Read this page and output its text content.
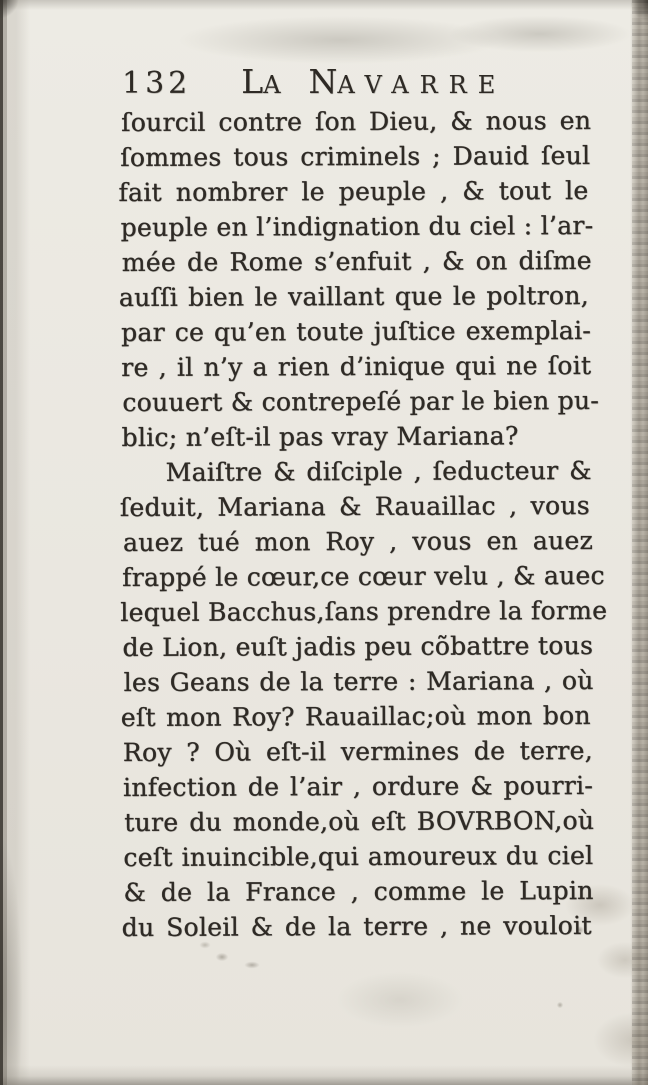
132 LA NAVARRE
ſourcil contre ſon Dieu, & nous en
ſommes tous criminels ; Dauid ſeul
fait nombrer le peuple , & tout le
peuple en l’indignation du ciel : l’ar-
mée de Rome s’enfuit , & on diſme
auſſi bien le vaillant que le poltron,
par ce qu’en toute juſtice exemplai-
re , il n’y a rien d’inique qui ne ſoit
couuert & contrepeſé par le bien pu-
blic; n’eſt-il pas vray Mariana?
Maiſtre & diſciple , ſeducteur &
ſeduit, Mariana & Rauaillac , vous
auez tué mon Roy , vous en auez
frappé le cœur,ce cœur velu , & auec
lequel Bacchus,ſans prendre la forme
de Lion, euſt jadis peu cõbattre tous
les Geans de la terre : Mariana , où
eſt mon Roy? Rauaillac;où mon bon
Roy ? Où eſt-il vermines de terre,
infection de l’air , ordure & pourri-
ture du monde,où eſt BOVRBON,où
ceſt inuincible,qui amoureux du ciel
& de la France , comme le Lupin
du Soleil & de la terre , ne vouloit
